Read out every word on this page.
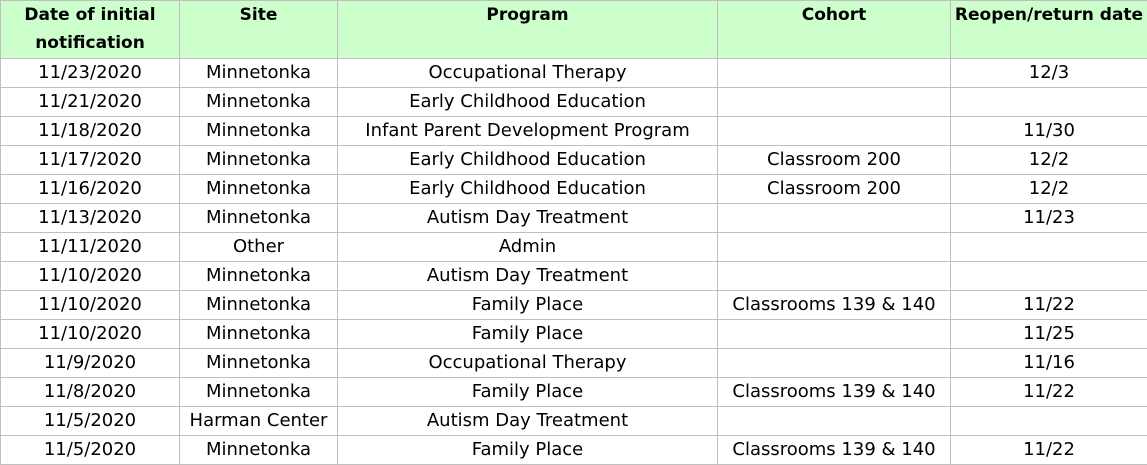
Date of initial notification	Site	Program	Cohort	Reopen/return date
11/23/2020	Minnetonka	Occupational Therapy		12/3
11/21/2020	Minnetonka	Early Childhood Education		
11/18/2020	Minnetonka	Infant Parent Development Program		11/30
11/17/2020	Minnetonka	Early Childhood Education	Classroom 200	12/2
11/16/2020	Minnetonka	Early Childhood Education	Classroom 200	12/2
11/13/2020	Minnetonka	Autism Day Treatment		11/23
11/11/2020	Other	Admin		
11/10/2020	Minnetonka	Autism Day Treatment		
11/10/2020	Minnetonka	Family Place	Classrooms 139 & 140	11/22
11/10/2020	Minnetonka	Family Place		11/25
11/9/2020	Minnetonka	Occupational Therapy		11/16
11/8/2020	Minnetonka	Family Place	Classrooms 139 & 140	11/22
11/5/2020	Harman Center	Autism Day Treatment		
11/5/2020	Minnetonka	Family Place	Classrooms 139 & 140	11/22
